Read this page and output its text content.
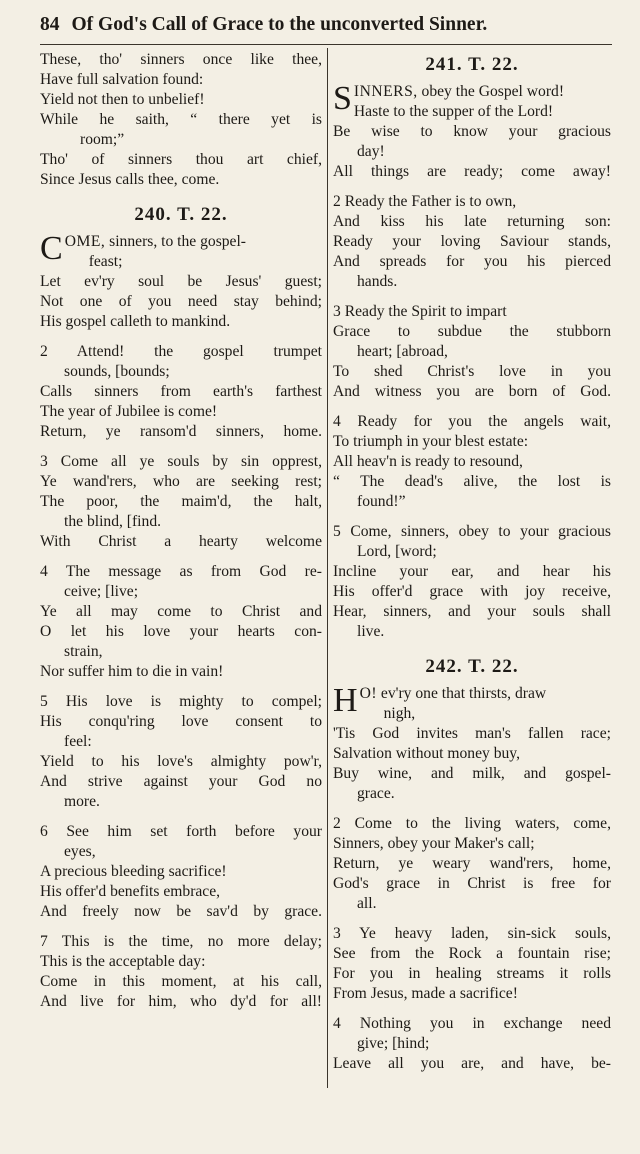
84 Of God's Call of Grace to the unconverted Sinner.
These, tho' sinners once like thee,
Have full salvation found:
Yield not then to unbelief!
While he saith, “ there yet is
room;”
Tho' of sinners thou art chief,
Since Jesus calls thee, come.
240. T. 22.
C OME, sinners, to the gospel-
feast;
Let ev'ry soul be Jesus' guest;
Not one of you need stay behind;
His gospel calleth to mankind.
2 Attend! the gospel trumpet
sounds, [bounds;
Calls sinners from earth's farthest
The year of Jubilee is come!
Return, ye ransom'd sinners, home.
3 Come all ye souls by sin opprest,
Ye wand'rers, who are seeking rest;
The poor, the maim'd, the halt,
the blind, [find.
With Christ a hearty welcome
4 The message as from God re-
ceive; [live;
Ye all may come to Christ and
O let his love your hearts con-
strain,
Nor suffer him to die in vain!
5 His love is mighty to compel;
His conqu'ring love consent to
feel:
Yield to his love's almighty pow'r,
And strive against your God no
more.
6 See him set forth before your
eyes,
A precious bleeding sacrifice!
His offer'd benefits embrace,
And freely now be sav'd by grace.
7 This is the time, no more delay;
This is the acceptable day:
Come in this moment, at his call,
And live for him, who dy'd for all!
241. T. 22.
S INNERS, obey the Gospel word!
Haste to the supper of the Lord!
Be wise to know your gracious
day!
All things are ready; come away!
2 Ready the Father is to own,
And kiss his late returning son:
Ready your loving Saviour stands,
And spreads for you his pierced
hands.
3 Ready the Spirit to impart
Grace to subdue the stubborn
heart; [abroad,
To shed Christ's love in you
And witness you are born of God.
4 Ready for you the angels wait,
To triumph in your blest estate:
All heav'n is ready to resound,
“ The dead's alive, the lost is
found!”
5 Come, sinners, obey to your gracious
Lord, [word;
Incline your ear, and hear his
His offer'd grace with joy receive,
Hear, sinners, and your souls shall
live.
242. T. 22.
H O! ev'ry one that thirsts, draw
nigh,
'Tis God invites man's fallen race;
Salvation without money buy,
Buy wine, and milk, and gospel-
grace.
2 Come to the living waters, come,
Sinners, obey your Maker's call;
Return, ye weary wand'rers, home,
God's grace in Christ is free for
all.
3 Ye heavy laden, sin-sick souls,
See from the Rock a fountain rise;
For you in healing streams it rolls
From Jesus, made a sacrifice!
4 Nothing you in exchange need
give; [hind;
Leave all you are, and have, be-
